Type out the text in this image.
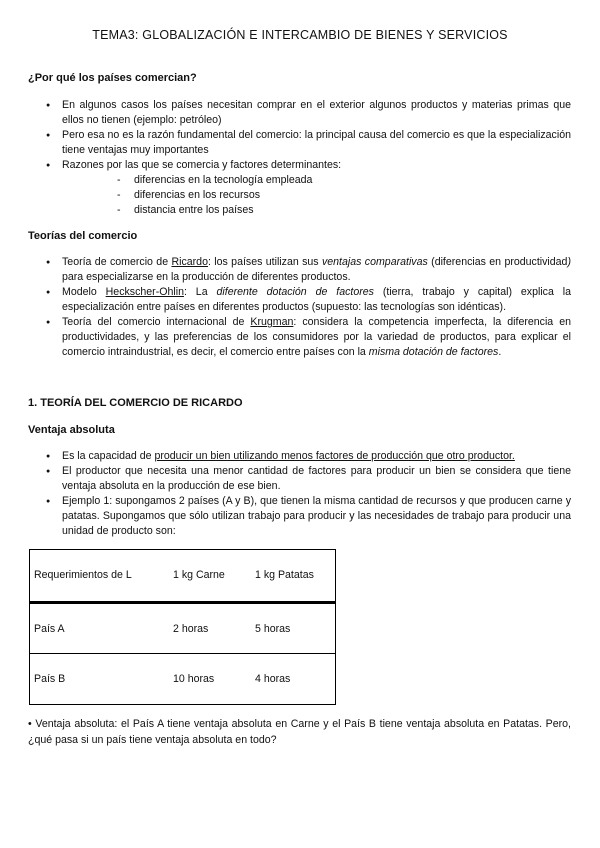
TEMA3: GLOBALIZACIÓN E INTERCAMBIO DE BIENES Y SERVICIOS
¿Por qué los países comercian?
● En algunos casos los países necesitan comprar en el exterior algunos productos y materias primas que ellos no tienen (ejemplo: petróleo)
● Pero esa no es la razón fundamental del comercio: la principal causa del comercio es que la especialización tiene ventajas muy importantes
● Razones por las que se comercia y factores determinantes:
- diferencias en la tecnología empleada
- diferencias en los recursos
- distancia entre los países
Teorías del comercio
● Teoría de comercio de Ricardo: los países utilizan sus ventajas comparativas (diferencias en productividad) para especializarse en la producción de diferentes productos.
● Modelo Heckscher-Ohlin: La diferente dotación de factores (tierra, trabajo y capital) explica la especialización entre países en diferentes productos (supuesto: las tecnologías son idénticas).
● Teoría del comercio internacional de Krugman: considera la competencia imperfecta, la diferencia en productividades, y las preferencias de los consumidores por la variedad de productos, para explicar el comercio intraindustrial, es decir, el comercio entre países con la misma dotación de factores.
1. TEORÍA DEL COMERCIO DE RICARDO
Ventaja absoluta
● Es la capacidad de producir un bien utilizando menos factores de producción que otro productor.
● El productor que necesita una menor cantidad de factores para producir un bien se considera que tiene ventaja absoluta en la producción de ese bien.
● Ejemplo 1: supongamos 2 países (A y B), que tienen la misma cantidad de recursos y que producen carne y patatas. Supongamos que sólo utilizan trabajo para producir y las necesidades de trabajo para producir una unidad de producto son:
Requerimientos de L	1 kg Carne	1 kg Patatas
País A	2 horas	5 horas
País B	10 horas	4 horas
• Ventaja absoluta: el País A tiene ventaja absoluta en Carne y el País B tiene ventaja absoluta en Patatas. Pero, ¿qué pasa si un país tiene ventaja absoluta en todo?
